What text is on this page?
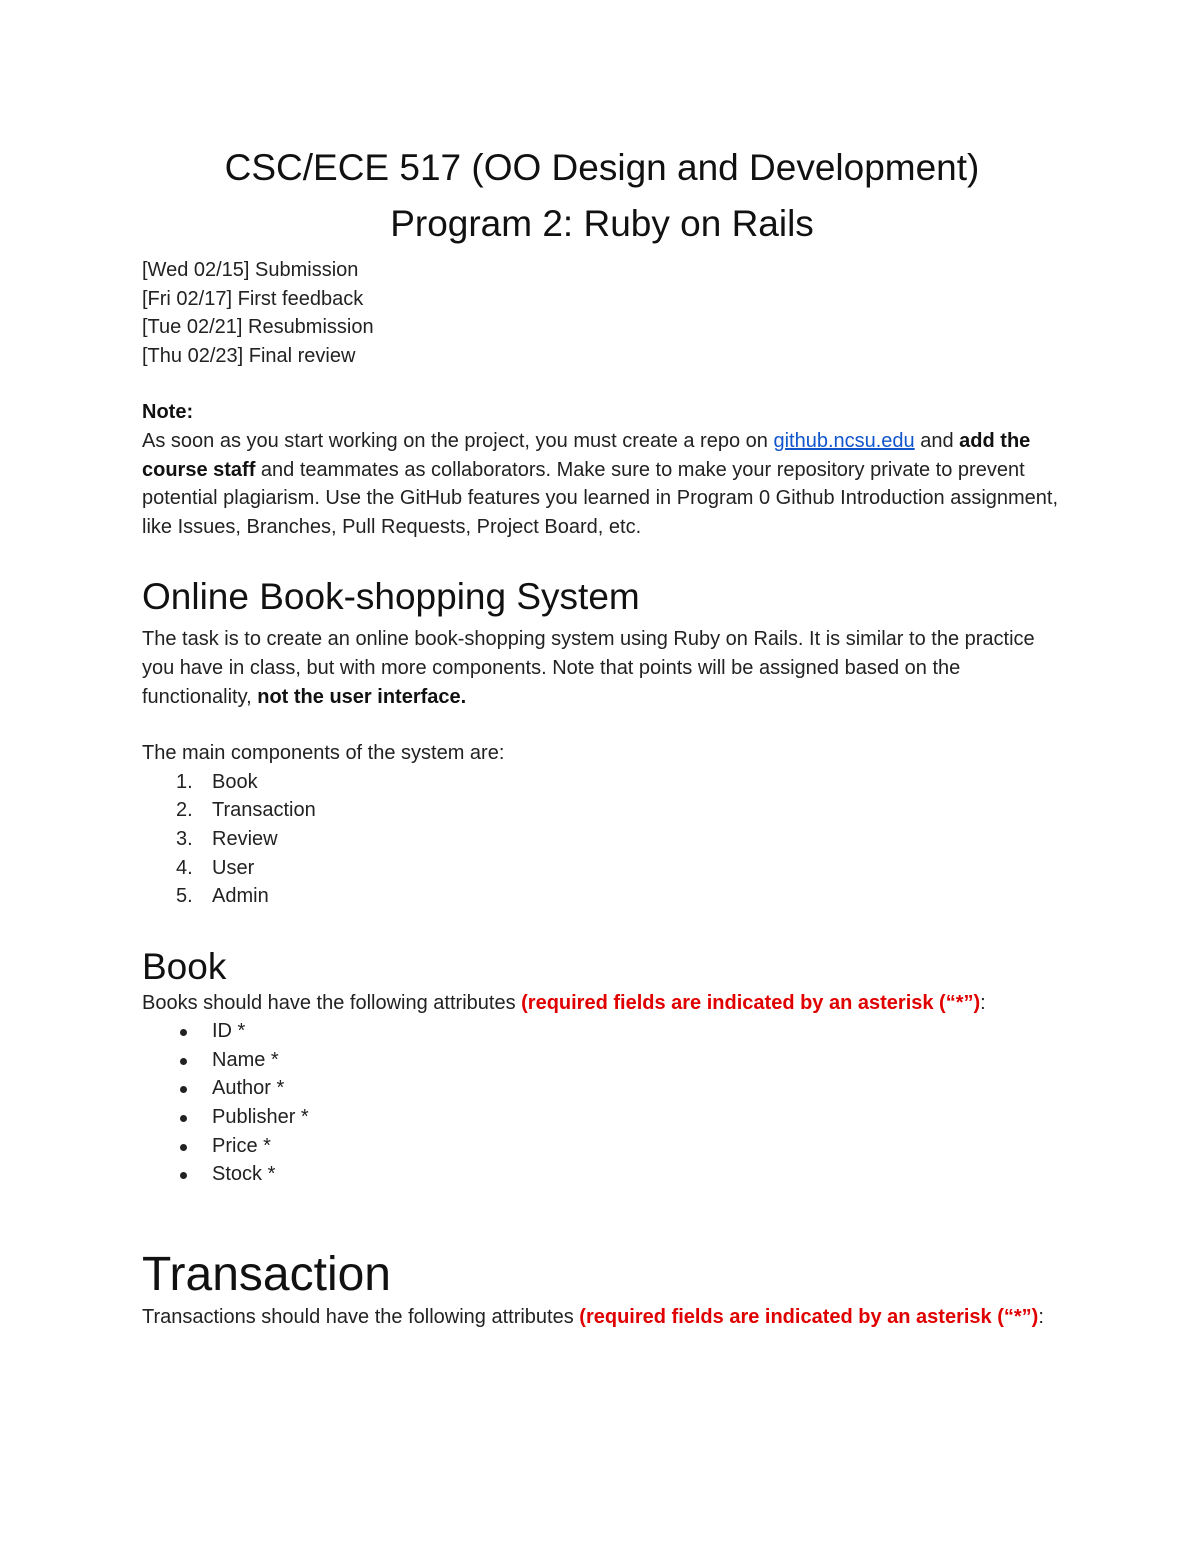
CSC/ECE 517 (OO Design and Development)
Program 2: Ruby on Rails
[Wed 02/15] Submission
[Fri 02/17] First feedback
[Tue 02/21] Resubmission
[Thu 02/23] Final review
Note:

As soon as you start working on the project, you must create a repo on github.ncsu.edu and add the course staff and teammates as collaborators. Make sure to make your repository private to prevent potential plagiarism. Use the GitHub features you learned in Program 0 Github Introduction assignment, like Issues, Branches, Pull Requests, Project Board, etc.

Online Book-shopping System

The task is to create an online book-shopping system using Ruby on Rails. It is similar to the practice you have in class, but with more components. Note that points will be assigned based on the functionality, not the user interface.

The main components of the system are:

1. Book
2. Transaction
3. Review
4. User
5. Admin
Book

Books should have the following attributes (required fields are indicated by an asterisk (“*”):

ID *
Name *
Author *
Publisher *
Price *
Stock *
Transaction

Transactions should have the following attributes (required fields are indicated by an asterisk (“*”):
